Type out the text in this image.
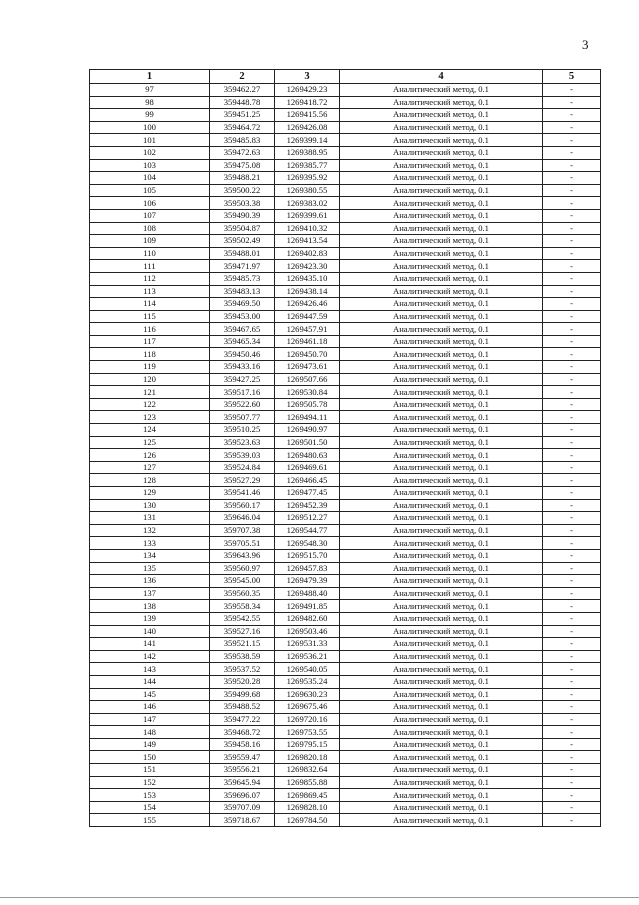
3
1	2	3	4	5
97	359462.27	1269429.23	Аналитический метод, 0.1	-
98	359448.78	1269418.72	Аналитический метод, 0.1	-
99	359451.25	1269415.56	Аналитический метод, 0.1	-
100	359464.72	1269426.08	Аналитический метод, 0.1	-
101	359485.83	1269399.14	Аналитический метод, 0.1	-
102	359472.63	1269388.95	Аналитический метод, 0.1	-
103	359475.08	1269385.77	Аналитический метод, 0.1	-
104	359488.21	1269395.92	Аналитический метод, 0.1	-
105	359500.22	1269380.55	Аналитический метод, 0.1	-
106	359503.38	1269383.02	Аналитический метод, 0.1	-
107	359490.39	1269399.61	Аналитический метод, 0.1	-
108	359504.87	1269410.32	Аналитический метод, 0.1	-
109	359502.49	1269413.54	Аналитический метод, 0.1	-
110	359488.01	1269402.83	Аналитический метод, 0.1	-
111	359471.97	1269423.30	Аналитический метод, 0.1	-
112	359485.73	1269435.10	Аналитический метод, 0.1	-
113	359483.13	1269438.14	Аналитический метод, 0.1	-
114	359469.50	1269426.46	Аналитический метод, 0.1	-
115	359453.00	1269447.59	Аналитический метод, 0.1	-
116	359467.65	1269457.91	Аналитический метод, 0.1	-
117	359465.34	1269461.18	Аналитический метод, 0.1	-
118	359450.46	1269450.70	Аналитический метод, 0.1	-
119	359433.16	1269473.61	Аналитический метод, 0.1	-
120	359427.25	1269507.66	Аналитический метод, 0.1	-
121	359517.16	1269530.84	Аналитический метод, 0.1	-
122	359522.60	1269505.78	Аналитический метод, 0.1	-
123	359507.77	1269494.11	Аналитический метод, 0.1	-
124	359510.25	1269490.97	Аналитический метод, 0.1	-
125	359523.63	1269501.50	Аналитический метод, 0.1	-
126	359539.03	1269480.63	Аналитический метод, 0.1	-
127	359524.84	1269469.61	Аналитический метод, 0.1	-
128	359527.29	1269466.45	Аналитический метод, 0.1	-
129	359541.46	1269477.45	Аналитический метод, 0.1	-
130	359560.17	1269452.39	Аналитический метод, 0.1	-
131	359646.04	1269512.27	Аналитический метод, 0.1	-
132	359707.38	1269544.77	Аналитический метод, 0.1	-
133	359705.51	1269548.30	Аналитический метод, 0.1	-
134	359643.96	1269515.70	Аналитический метод, 0.1	-
135	359560.97	1269457.83	Аналитический метод, 0.1	-
136	359545.00	1269479.39	Аналитический метод, 0.1	-
137	359560.35	1269488.40	Аналитический метод, 0.1	-
138	359558.34	1269491.85	Аналитический метод, 0.1	-
139	359542.55	1269482.60	Аналитический метод, 0.1	-
140	359527.16	1269503.46	Аналитический метод, 0.1	-
141	359521.15	1269531.33	Аналитический метод, 0.1	-
142	359538.59	1269536.21	Аналитический метод, 0.1	-
143	359537.52	1269540.05	Аналитический метод, 0.1	-
144	359520.28	1269535.24	Аналитический метод, 0.1	-
145	359499.68	1269630.23	Аналитический метод, 0.1	-
146	359488.52	1269675.46	Аналитический метод, 0.1	-
147	359477.22	1269720.16	Аналитический метод, 0.1	-
148	359468.72	1269753.55	Аналитический метод, 0.1	-
149	359458.16	1269795.15	Аналитический метод, 0.1	-
150	359559.47	1269820.18	Аналитический метод, 0.1	-
151	359556.21	1269832.64	Аналитический метод, 0.1	-
152	359645.94	1269855.88	Аналитический метод, 0.1	-
153	359696.07	1269869.45	Аналитический метод, 0.1	-
154	359707.09	1269828.10	Аналитический метод, 0.1	-
155	359718.67	1269784.50	Аналитический метод, 0.1	-
